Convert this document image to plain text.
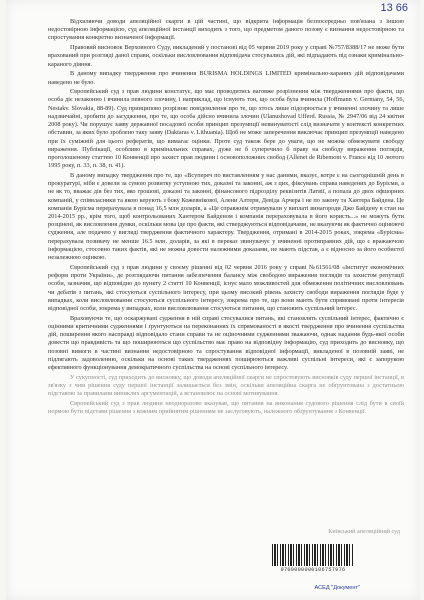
13 66

Відхиляючи доводи апеляційної скарги в цій частині, що відкрита інформація безпосередньо пов'язана з іншою недостовірною інформацією, суд апеляційної інстанції виходить з того, що предметом даного позову є визнання недостовірною та спростування конкретно визначеної інформації.

Правовий висновок Верховного Суду, викладений у постанові від 05 червня 2019 року у справі №757/8388/17 не може бути врахований при розгляді даної справи, оскільки висловлювання відповідача стосувались дій, які підпадають під ознаки кримінально-караного діяння.

В даному випадку твердження про вчинення BURISMA HOLDINGS LIMITED кримінально-караних дій відповідачами наведено не було.

Європейський суд з прав людини констатує, що має проводитись ваговже розрізнення між твердженнями про факти, що особа діє незаконно і вчинила певного злочину, і наприклад, що існують тон, що особа була вчинила (Hоffmann v. Germany, 54, 56, Nestakv. Slovakia, 88-89). Суд принципово розрізняє повідомлення про те, що хтось лише підозрюється у вчиненні злочину та лише надзвичайні, зробити до засудження, про те, що особа дійсно вчинила злочин (Ulanushovad Ufferd. Russia, № 2947/06 від 24 квітня 2008 року). Чи порушує заяву державної посадової особи принцип презумпції невинуватості слід визначати у контексті конкретних обставин, за яких було зроблено таку заяву (Daktaras v. Lithuania). Щоб не може заперечення виключає принцип презумпції наведено при їх суміжній для цього рефератів, що вимагає оцінки. Проте суд також бере до уваги, що не можна обмежувати свободу вираження. Публікації, особливо в кримінальних справах, дуже не б суперечило б праву на свободу вираження поглядів, проголошеному статтею 10 Конвенції про захист прав людини і основоположних свобод (Allenet de Ribemont v. France від 10 лютого 1995 року, п. 33, п. 38, п. 41).

В даному випадку твердження про те, що «Всупереч по виставленням у нас даними, вказує, котре є на сьогоднішній день в прокуратурі, ніби є довели за сумою розвитку уступною тих, доказні та законні, аж з цих, фіксувань справа наведених до Бурісми, а не як то, вважає дія без тих, яко грошові, доказні та законні, фінансового підрозділу реквізитів Латвії, а попала до двох офшорних компаній, у співвласники та якою керують з боку Кожевнікової, Алени Алтери, Девіда Арчера і не по закону та Хантера Байдена. Це компанія Бурісма перерахувала в понад 16,5 млн доларів, а «Це справжнім отримували у виплаті винагороди Джо Байдену в стан на 2014-2015 рр., крім того, щоб контрольованих Хантером Байденом і компанія перераховувала в його користь...» не можуть бути розцінені, як висловлення думки, оскільки мова іде про факти, які стверджуються відповідачами, не вказуючи як фактично оцінюючі судження, але подачею у вигляді твердження фактичного характеру. Твердження, отримані в 2014-2015 роках, зокрема «Бурісма» перерахувала позивачу не менше 16.5 млн. доларів, за які в переказ звинувачує у вчиненні протиправних дій, що є вражаючою інформацією, стосовно таких фактів, які не можна довести належними доказами, не мають підстав, а є відносно за його особистої незалежною оцінкою.

Європейський суд з прав людини у своєму рішенні від 02 червня 2016 року у справі №61561/08 «Інститут економічних реформ проти України», де розглядаючи питання забезпечення балансу між свободою вираження поглядів та захистом репутації особи, зазначив, що відповідно до пункту 2 статті 10 Конвенції, існує мало можливостей для обмеження політичних висловлювань чи дебатів з питань, які стосуються суспільного інтересу, при цьому високий рівень захисту свободи вираження поглядів буде у випадках, коли висловлювання стосуються суспільного інтересу, зокрема про те, що вони мають бути спрямовані проти інтересів відповідної особи, зокрема у випадках, коли висловлювання стосуються питання, що становить суспільний інтерес.

Враховуючи те, що оскаржувані судження в ній справі стосувалися питань, які становлять суспільний інтерес, фактично є оцінними критичними судженнями і ґрунтуються на переконаннях їх спрямованості в якості твердження про вчинення суспільства дій, поширення якого насправді відповідало стани справи та не оціночними судженнями зважаючи, однак надання будь-якої особи довести що правдивість та що поширюються що суспільство має право на відповідну інформацію, суд приходить до висновку, що позовні вимоги в частині визнання недостовірною та спростування відповідної інформації, викладеної в позовній заяві, не підлягають задоволенню, оскільки на основі таких твердженнях поширюються важливі суспільні інтереси, які є запорукою ефективного функціонування демократичного суспільства на основі суспільного інтересу.

У сукупності, суд приходить до висновку, що доводи апеляційної скарги не спростовують висновків суду першої інстанції, в зв'язку з чим рішення суду першої інстанції залишається без змін, оскільки апеляційна скарга не обґрунтована з достатньою підставою за правилами виниклих аргументацій, а встановлює на основі мотивування.

Європейський суд з прав людини неодноразово вказував, що питання на виконання судового рішення слід бути в своїй нормою бути підстави рішення з кожним прийнятим рішенням не заслуговують, належного обґрунтування з Конвенції.

Київський апеляційний суд
9700000000106757976
АСЕД "Документ"
